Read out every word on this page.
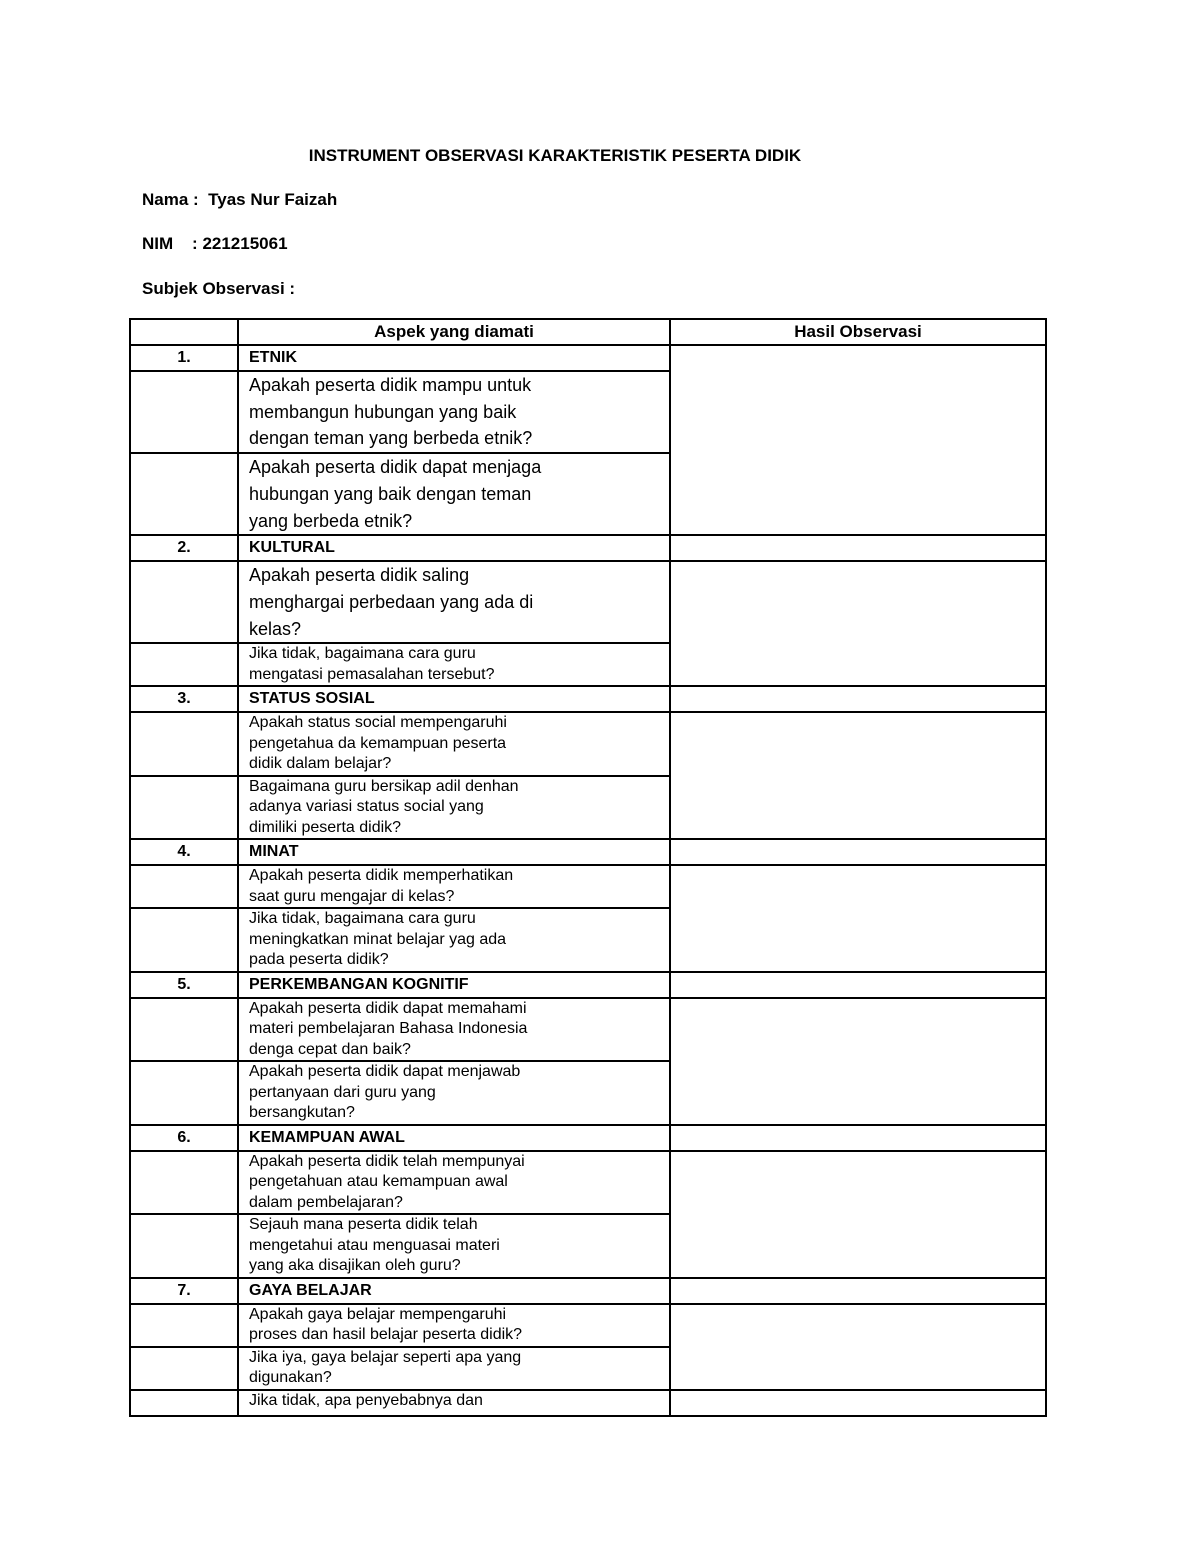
INSTRUMENT OBSERVASI KARAKTERISTIK PESERTA DIDIK
Nama :  Tyas Nur Faizah
NIM    : 221215061
Subjek Observasi :
	Aspek yang diamati	Hasil Observasi
1.	ETNIK	
	Apakah peserta didik mampu untuk
membangun hubungan yang baik
dengan teman yang berbeda etnik?	
	Apakah peserta didik dapat menjaga
hubungan yang baik dengan teman
yang berbeda etnik?	
2.	KULTURAL	
	Apakah peserta didik saling
menghargai perbedaan yang ada di
kelas?	
	Jika tidak, bagaimana cara guru
mengatasi pemasalahan tersebut?	
3.	STATUS SOSIAL	
	Apakah status social mempengaruhi
pengetahua da kemampuan peserta
didik dalam belajar?	
	Bagaimana guru bersikap adil denhan
adanya variasi status social yang
dimiliki peserta didik?	
4.	MINAT	
	Apakah peserta didik memperhatikan
saat guru mengajar di kelas?	
	Jika tidak, bagaimana cara guru
meningkatkan minat belajar yag ada
pada peserta didik?	
5.	PERKEMBANGAN KOGNITIF	
	Apakah peserta didik dapat memahami
materi pembelajaran Bahasa Indonesia
denga cepat dan baik?	
	Apakah peserta didik dapat menjawab
pertanyaan dari guru yang
bersangkutan?	
6.	KEMAMPUAN AWAL	
	Apakah peserta didik telah mempunyai
pengetahuan atau kemampuan awal
dalam pembelajaran?	
	Sejauh mana peserta didik telah
mengetahui atau menguasai materi
yang aka disajikan oleh guru?	
7.	GAYA BELAJAR	
	Apakah gaya belajar mempengaruhi
proses dan hasil belajar peserta didik?	
	Jika iya, gaya belajar seperti apa yang
digunakan?	
	Jika tidak, apa penyebabnya dan	
